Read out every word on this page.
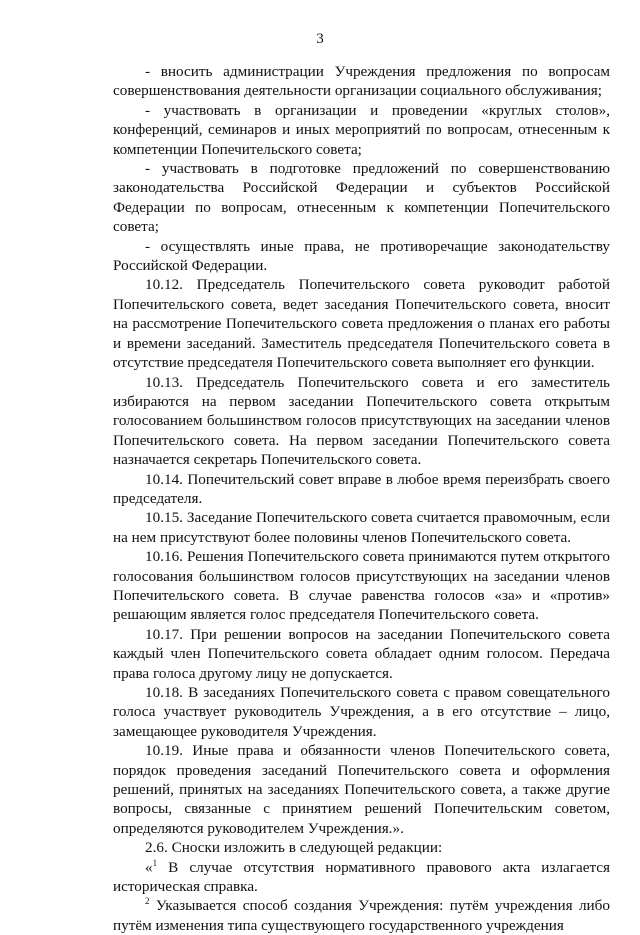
3

- вносить администрации Учреждения предложения по вопросам совершенствования деятельности организации социального обслуживания;

- участвовать в организации и проведении «круглых столов», конференций, семинаров и иных мероприятий по вопросам, отнесенным к компетенции Попечительского совета;

- участвовать в подготовке предложений по совершенствованию законодательства Российской Федерации и субъектов Российской Федерации по вопросам, отнесенным к компетенции Попечительского совета;

- осуществлять иные права, не противоречащие законодательству Российской Федерации.

10.12. Председатель Попечительского совета руководит работой Попечительского совета, ведет заседания Попечительского совета, вносит на рассмотрение Попечительского совета предложения о планах его работы и времени заседаний. Заместитель председателя Попечительского совета в отсутствие председателя Попечительского совета выполняет его функции.

10.13. Председатель Попечительского совета и его заместитель избираются на первом заседании Попечительского совета открытым голосованием большинством голосов присутствующих на заседании членов Попечительского совета. На первом заседании Попечительского совета назначается секретарь Попечительского совета.

10.14. Попечительский совет вправе в любое время переизбрать своего председателя.

10.15. Заседание Попечительского совета считается правомочным, если на нем присутствуют более половины членов Попечительского совета.

10.16. Решения Попечительского совета принимаются путем открытого голосования большинством голосов присутствующих на заседании членов Попечительского совета. В случае равенства голосов «за» и «против» решающим является голос председателя Попечительского совета.

10.17. При решении вопросов на заседании Попечительского совета каждый член Попечительского совета обладает одним голосом. Передача права голоса другому лицу не допускается.

10.18. В заседаниях Попечительского совета с правом совещательного голоса участвует руководитель Учреждения, а в его отсутствие – лицо, замещающее руководителя Учреждения.

10.19. Иные права и обязанности членов Попечительского совета, порядок проведения заседаний Попечительского совета и оформления решений, принятых на заседаниях Попечительского совета, а также другие вопросы, связанные с принятием решений Попечительским советом, определяются руководителем Учреждения.».

2.6. Сноски изложить в следующей редакции:

«$^1$ В случае отсутствия нормативного правового акта излагается историческая справка.

$^2$ Указывается способ создания Учреждения: путём учреждения либо путём изменения типа существующего государственного учреждения
